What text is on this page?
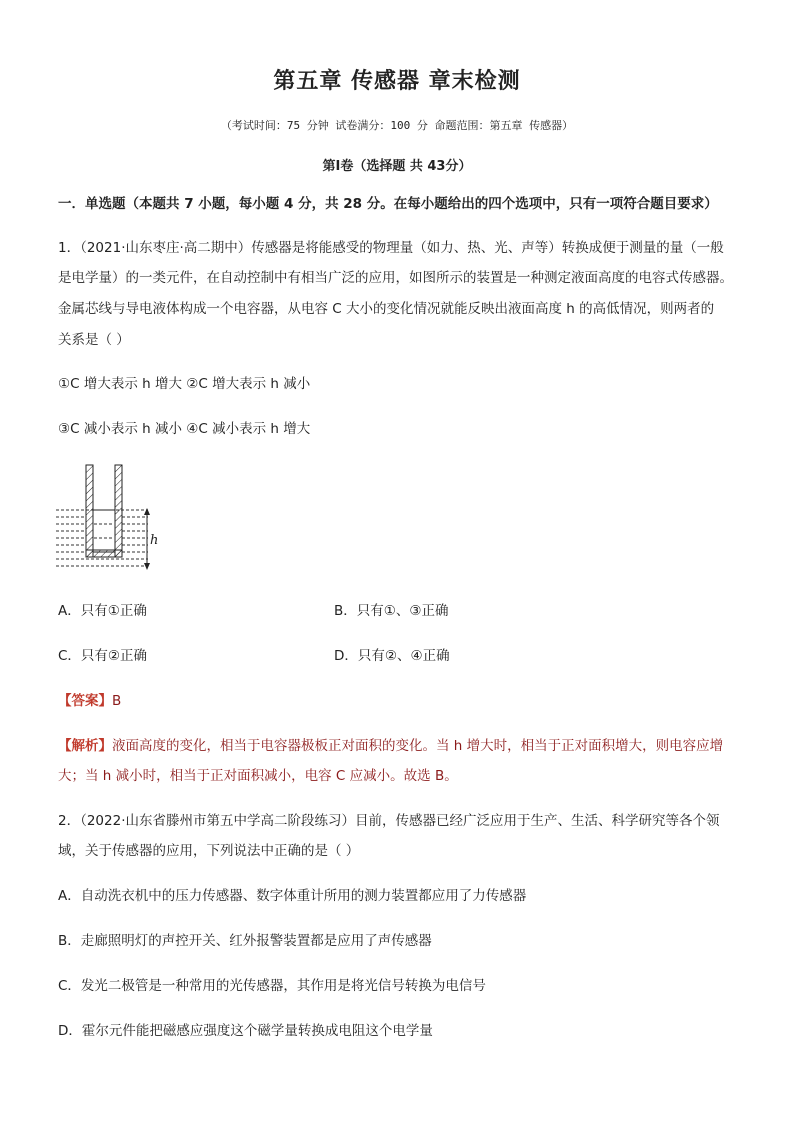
第五章 传感器 章末检测
（考试时间：75 分钟 试卷满分：100 分 命题范围：第五章 传感器）
第Ⅰ卷（选择题 共 43分）
一．单选题（本题共 7 小题，每小题 4 分，共 28 分。在每小题给出的四个选项中，只有一项符合题目要求）
1．（2021·山东枣庄·高二期中）传感器是将能感受的物理量（如力、热、光、声等）转换成便于测量的量（一般
是电学量）的一类元件，在自动控制中有相当广泛的应用，如图所示的装置是一种测定液面高度的电容式传感器。
金属芯线与导电液体构成一个电容器，从电容 C 大小的变化情况就能反映出液面高度 h 的高低情况，则两者的
关系是（ ）
①C 增大表示 h 增大 ②C 增大表示 h 减小
③C 减小表示 h 减小 ④C 减小表示 h 增大
h
A．只有①正确	B．只有①、③正确
C．只有②正确	D．只有②、④正确
【答案】B
【解析】液面高度的变化，相当于电容器极板正对面积的变化。当 h 增大时，相当于正对面积增大，则电容应增
大；当 h 减小时，相当于正对面积减小，电容 C 应减小。故选 B。
2．（2022·山东省滕州市第五中学高二阶段练习）目前，传感器已经广泛应用于生产、生活、科学研究等各个领
域，关于传感器的应用，下列说法中正确的是（ ）
A．自动洗衣机中的压力传感器、数字体重计所用的测力装置都应用了力传感器
B．走廊照明灯的声控开关、红外报警装置都是应用了声传感器
C．发光二极管是一种常用的光传感器，其作用是将光信号转换为电信号
D．霍尔元件能把磁感应强度这个磁学量转换成电阻这个电学量
